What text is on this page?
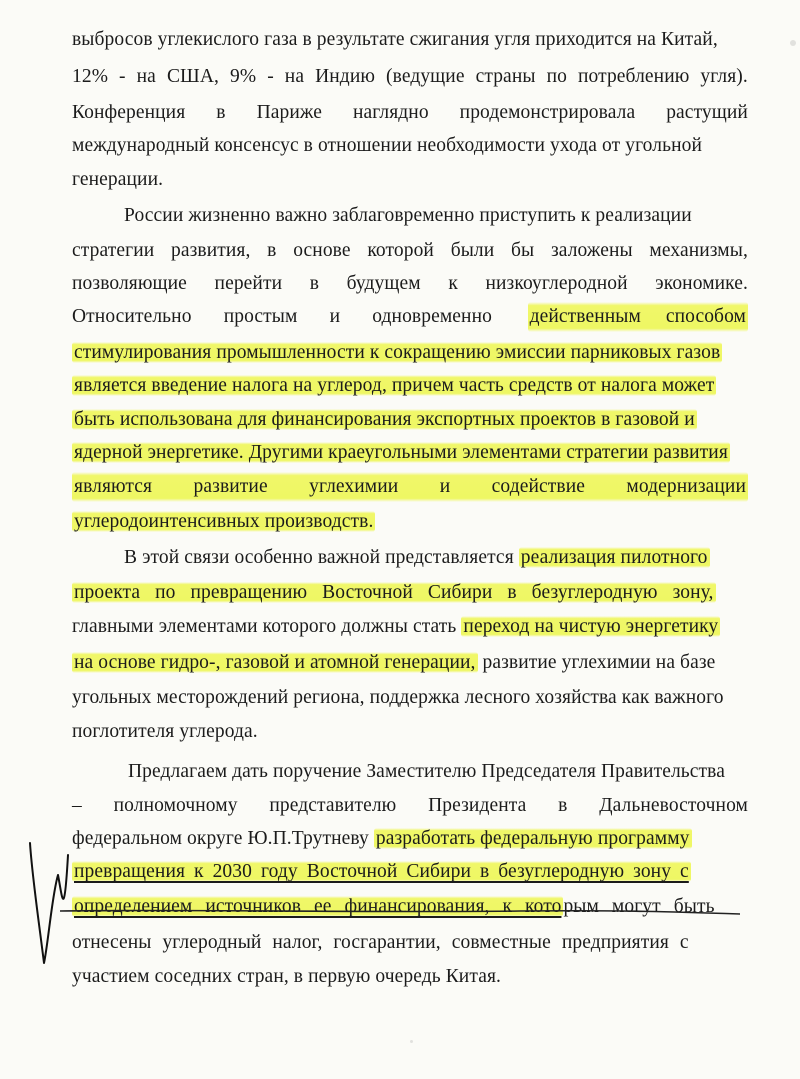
выбросов углекислого газа в результате сжигания угля приходится на Китай,
12% - на США, 9% - на Индию (ведущие страны по потреблению угля).
Конференция в Париже наглядно продемонстрировала растущий
международный консенсус в отношении необходимости ухода от угольной
генерации.
России жизненно важно заблаговременно приступить к реализации
стратегии развития, в основе которой были бы заложены механизмы,
позволяющие перейти в будущем к низкоуглеродной экономике.
Относительно простым и одновременно действенным     способом
стимулирования промышленности к сокращению эмиссии парниковых газов
является введение налога на углерод, причем часть средств от налога может
быть использована для финансирования экспортных проектов в газовой и
ядерной энергетике. Другими краеугольными элементами стратегии развития
являются развитие углехимии и содействие модернизации
углеродоинтенсивных производств.
В этой связи особенно важной представляется реализация пилотного
проекта по превращению Восточной Сибири в безуглеродную зону,
главными элементами которого должны стать переход на чистую энергетику
на основе гидро-, газовой и атомной генерации, развитие углехимии на базе
угольных месторождений региона, поддержка лесного хозяйства как важного
поглотителя углерода.
Предлагаем дать поручение Заместителю Председателя Правительства
– полномочному представителю Президента в Дальневосточном
федеральном округе Ю.П.Трутневу разработать федеральную программу
превращения к 2030 году Восточной Сибири в безуглеродную зону с
определением источников ее финансирования, к кото рым могут быть
отнесены углеродный налог, госгарантии, совместные предприятия с
участием соседних стран, в первую очередь Китая.
